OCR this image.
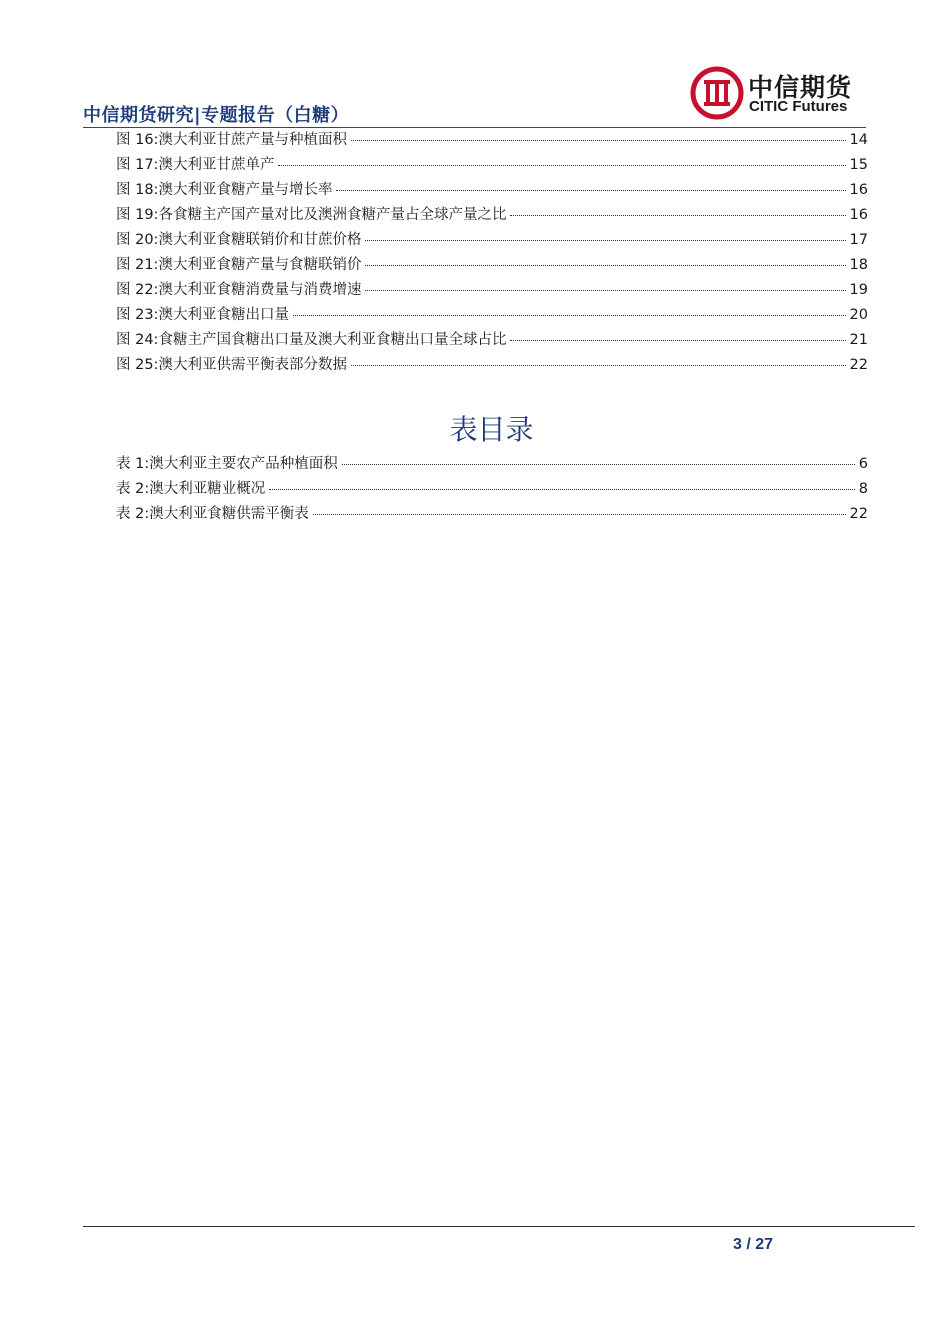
中信期货
CITIC Futures
中信期货研究|专题报告（白糖）
图 16:澳大利亚甘蔗产量与种植面积	14
图 17:澳大利亚甘蔗单产	15
图 18:澳大利亚食糖产量与增长率	16
图 19:各食糖主产国产量对比及澳洲食糖产量占全球产量之比	16
图 20:澳大利亚食糖联销价和甘蔗价格	17
图 21:澳大利亚食糖产量与食糖联销价	18
图 22:澳大利亚食糖消费量与消费增速	19
图 23:澳大利亚食糖出口量	20
图 24:食糖主产国食糖出口量及澳大利亚食糖出口量全球占比	21
图 25:澳大利亚供需平衡表部分数据	22
表目录
表 1:澳大利亚主要农产品种植面积	6
表 2:澳大利亚糖业概况	8
表 2:澳大利亚食糖供需平衡表	22
3 / 27
